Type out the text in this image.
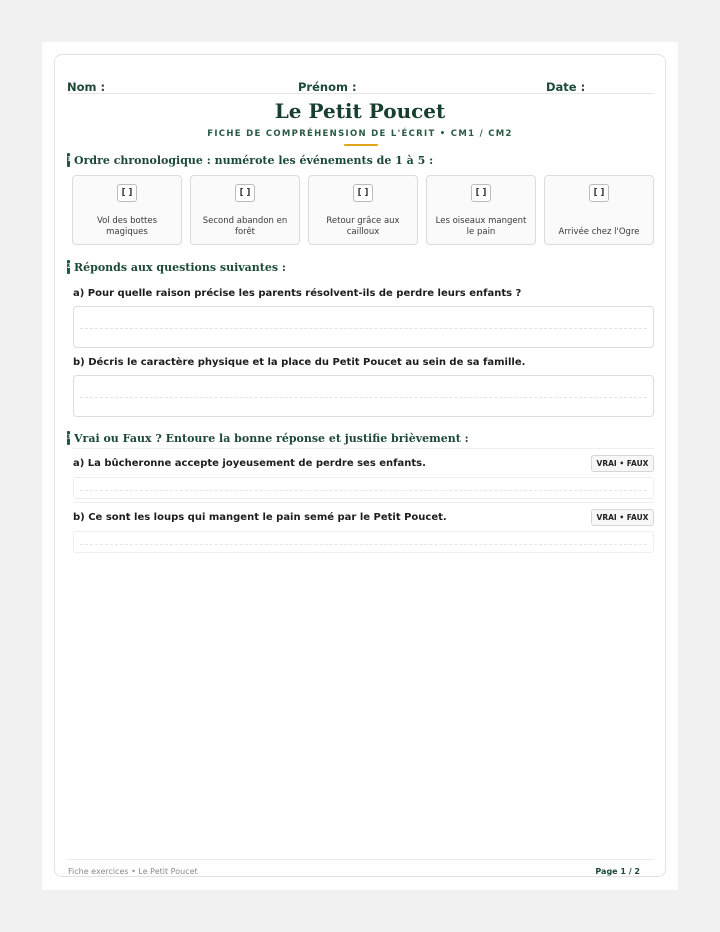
Nom :	Prénom :	Date :
Le Petit Poucet
FICHE DE COMPRÉHENSION DE L'ÉCRIT • CM1 / CM2
1 Ordre chronologique : numérote les événements de 1 à 5 :
[ ]
Vol des bottes magiques
[ ]
Second abandon en forêt
[ ]
Retour grâce aux cailloux
[ ]
Les oiseaux mangent le pain
[ ]
Arrivée chez l'Ogre
2 Réponds aux questions suivantes :
a) Pour quelle raison précise les parents résolvent-ils de perdre leurs enfants ?
b) Décris le caractère physique et la place du Petit Poucet au sein de sa famille.
3 Vrai ou Faux ? Entoure la bonne réponse et justifie brièvement :
a) La bûcheronne accepte joyeusement de perdre ses enfants.	VRAI • FAUX
b) Ce sont les loups qui mangent le pain semé par le Petit Poucet.	VRAI • FAUX
Fiche exercices • Le Petit Poucet	Page 1 / 2
